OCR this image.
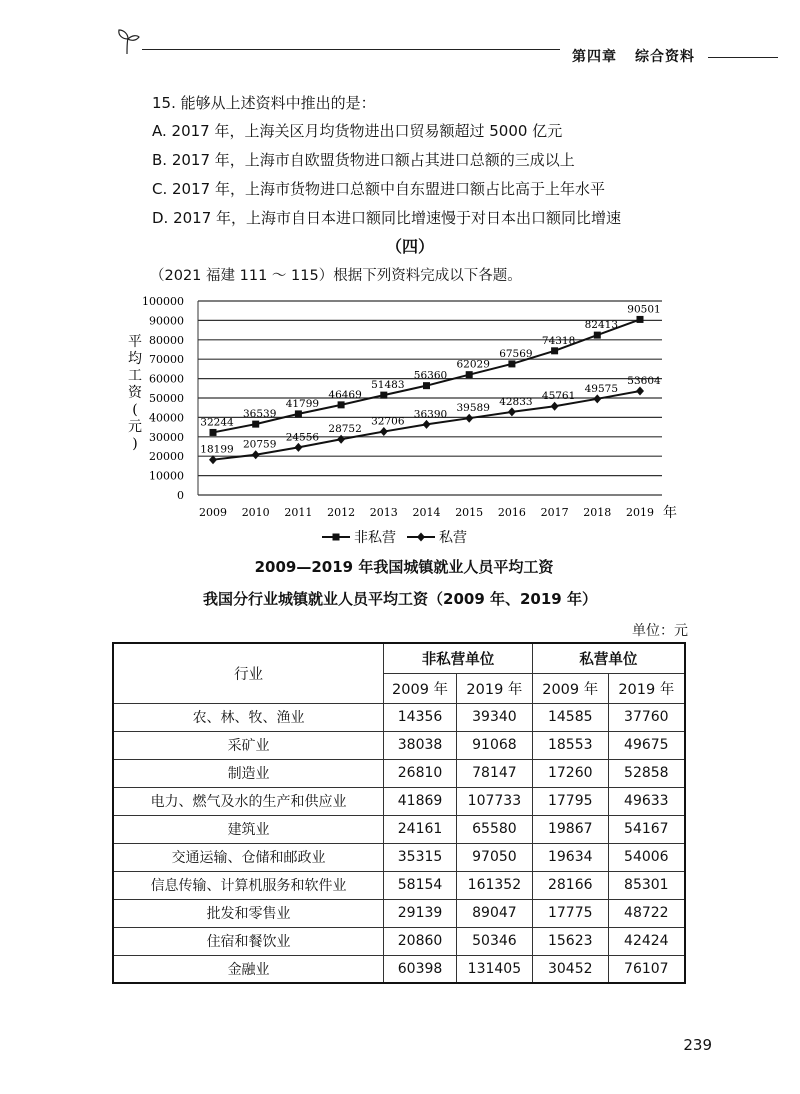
第四章 综合资料
15. 能够从上述资料中推出的是：
A. 2017 年，上海关区月均货物进出口贸易额超过 5000 亿元
B. 2017 年，上海市自欧盟货物进口额占其进口总额的三成以上
C. 2017 年，上海市货物进口总额中自东盟进口额占比高于上年水平
D. 2017 年，上海市自日本进口额同比增速慢于对日本出口额同比增速
（四）
（2021 福建 111 ～ 115）根据下列资料完成以下各题。
100000
90000
80000
70000
60000
50000
40000
30000
20000
10000
0
平
均
工
资
(
元
)
2009 2010 2011 2012 2013 2014 2015 2016 2017 2018 2019 年
32244
36539
41799
46469
51483
56360
62029
67569
74318
82413
90501
18199 20759
24556
28752
32706
36390
39589
42833 45761
49575
53604
非私营	私营
2009—2019 年我国城镇就业人员平均工资
我国分行业城镇就业人员平均工资（2009 年、2019 年）
单位：元
行业	非私营单位		私营单位	
	2009 年	2019 年	2009 年	2019 年
农、林、牧、渔业	14356	39340	14585	37760
采矿业	38038	91068	18553	49675
制造业	26810	78147	17260	52858
电力、燃气及水的生产和供应业	41869	107733	17795	49633
建筑业	24161	65580	19867	54167
交通运输、仓储和邮政业	35315	97050	19634	54006
信息传输、计算机服务和软件业	58154	161352	28166	85301
批发和零售业	29139	89047	17775	48722
住宿和餐饮业	20860	50346	15623	42424
金融业	60398	131405	30452	76107
239
